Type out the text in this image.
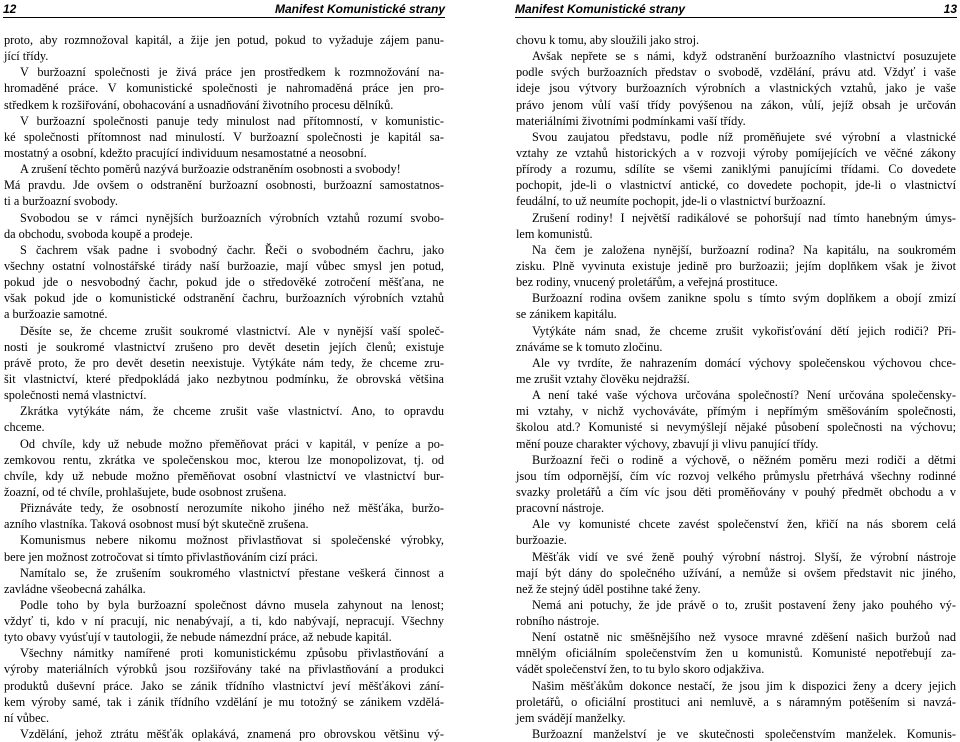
12	Manifest Komunistické strany
proto, aby rozmnožoval kapitál, a žije jen potud, pokud to vyžaduje zájem panu-
jící třídy.
V buržoazní společnosti je živá práce jen prostředkem k rozmnožování na-
hromaděné práce. V komunistické společnosti je nahromaděná práce jen pro-
středkem k rozšiřování, obohacování a usnadňování životního procesu dělníků.
V buržoazní společnosti panuje tedy minulost nad přítomností, v komunistic-
ké společnosti přítomnost nad minulostí. V buržoazní společnosti je kapitál sa-
mostatný a osobní, kdežto pracující individuum nesamostatné a neosobní.
A zrušení těchto poměrů nazývá buržoazie odstraněním osobnosti a svobody!
Má pravdu. Jde ovšem o odstranění buržoazní osobnosti, buržoazní samostatnos-
ti a buržoazní svobody.
Svobodou se v rámci nynějších buržoazních výrobních vztahů rozumí svobo-
da obchodu, svoboda koupě a prodeje.
S čachrem však padne i svobodný čachr. Řeči o svobodném čachru, jako
všechny ostatní volnostářské tirády naší buržoazie, mají vůbec smysl jen potud,
pokud jde o nesvobodný čachr, pokud jde o středověké zotročení měšťana, ne
však pokud jde o komunistické odstranění čachru, buržoazních výrobních vztahů
a buržoazie samotné.
Děsíte se, že chceme zrušit soukromé vlastnictví. Ale v nynější vaší společ-
nosti je soukromé vlastnictví zrušeno pro devět desetin jejích členů; existuje
právě proto, že pro devět desetin neexistuje. Vytýkáte nám tedy, že chceme zru-
šit vlastnictví, které předpokládá jako nezbytnou podmínku, že obrovská většina
společnosti nemá vlastnictví.
Zkrátka vytýkáte nám, že chceme zrušit vaše vlastnictví. Ano, to opravdu
chceme.
Od chvíle, kdy už nebude možno přeměňovat práci v kapitál, v peníze a po-
zemkovou rentu, zkrátka ve společenskou moc, kterou lze monopolizovat, tj. od
chvíle, kdy už nebude možno přeměňovat osobní vlastnictví ve vlastnictví bur-
žoazní, od té chvíle, prohlašujete, bude osobnost zrušena.
Přiznáváte tedy, že osobností nerozumíte nikoho jiného než měšťáka, buržo-
azního vlastníka. Taková osobnost musí být skutečně zrušena.
Komunismus nebere nikomu možnost přivlastňovat si společenské výrobky,
bere jen možnost zotročovat si tímto přivlastňováním cizí práci.
Namítalo se, že zrušením soukromého vlastnictví přestane veškerá činnost a
zavládne všeobecná zahálka.
Podle toho by byla buržoazní společnost dávno musela zahynout na lenost;
vždyť ti, kdo v ní pracují, nic nenabývají, a ti, kdo nabývají, nepracují. Všechny
tyto obavy vyúsťují v tautologii, že nebude námezdní práce, až nebude kapitál.
Všechny námitky namířené proti komunistickému způsobu přivlastňování a
výroby materiálních výrobků jsou rozšiřovány také na přivlastňování a produkci
produktů duševní práce. Jako se zánik třídního vlastnictví jeví měšťákovi zání-
kem výroby samé, tak i zánik třídního vzdělání je mu totožný se zánikem vzdělá-
ní vůbec.
Vzdělání, jehož ztrátu měšťák oplakává, znamená pro obrovskou většinu vý-
Manifest Komunistické strany	13
chovu k tomu, aby sloužili jako stroj.
Avšak nepřete se s námi, když odstranění buržoazního vlastnictví posuzujete
podle svých buržoazních představ o svobodě, vzdělání, právu atd. Vždyť i vaše
ideje jsou výtvory buržoazních výrobních a vlastnických vztahů, jako je vaše
právo jenom vůlí vaší třídy povýšenou na zákon, vůlí, jejíž obsah je určován
materiálními životními podmínkami vaší třídy.
Svou zaujatou představu, podle níž proměňujete své výrobní a vlastnické
vztahy ze vztahů historických a v rozvoji výroby pomíjejících ve věčné zákony
přírody a rozumu, sdílíte se všemi zaniklými panujícími třídami. Co dovedete
pochopit, jde-li o vlastnictví antické, co dovedete pochopit, jde-li o vlastnictví
feudální, to už neumíte pochopit, jde-li o vlastnictví buržoazní.
Zrušení rodiny! I největší radikálové se pohoršují nad tímto hanebným úmys-
lem komunistů.
Na čem je založena nynější, buržoazní rodina? Na kapitálu, na soukromém
zisku. Plně vyvinuta existuje jedině pro buržoazii; jejím doplňkem však je život
bez rodiny, vnucený proletářům, a veřejná prostituce.
Buržoazní rodina ovšem zanikne spolu s tímto svým doplňkem a obojí zmizí
se zánikem kapitálu.
Vytýkáte nám snad, že chceme zrušit vykořisťování dětí jejich rodiči? Při-
znáváme se k tomuto zločinu.
Ale vy tvrdíte, že nahrazením domácí výchovy společenskou výchovou chce-
me zrušit vztahy člověku nejdražší.
A není také vaše výchova určována společností? Není určována společensky-
mi vztahy, v nichž vychováváte, přímým i nepřímým směšováním společnosti,
školou atd.? Komunisté si nevymýšlejí nějaké působení společnosti na výchovu;
mění pouze charakter výchovy, zbavují ji vlivu panující třídy.
Buržoazní řeči o rodině a výchově, o něžném poměru mezi rodiči a dětmi
jsou tím odpornější, čím víc rozvoj velkého průmyslu přetrhává všechny rodinné
svazky proletářů a čím víc jsou děti proměňovány v pouhý předmět obchodu a v
pracovní nástroje.
Ale vy komunisté chcete zavést společenství žen, křičí na nás sborem celá
buržoazie.
Měšťák vidí ve své ženě pouhý výrobní nástroj. Slyší, že výrobní nástroje
mají být dány do společného užívání, a nemůže si ovšem představit nic jiného,
než že stejný úděl postihne také ženy.
Nemá ani potuchy, že jde právě o to, zrušit postavení ženy jako pouhého vý-
robního nástroje.
Není ostatně nic směšnějšího než vysoce mravné zděšení našich buržoů nad
mnělým oficiálním společenstvím žen u komunistů. Komunisté nepotřebují za-
vádět společenství žen, to tu bylo skoro odjakživa.
Našim měšťákům dokonce nestačí, že jsou jim k dispozici ženy a dcery jejich
proletářů, o oficiální prostituci ani nemluvě, a s náramným potěšením si navzá-
jem svádějí manželky.
Buržoazní manželství je ve skutečnosti společenstvím manželek. Komunis-
